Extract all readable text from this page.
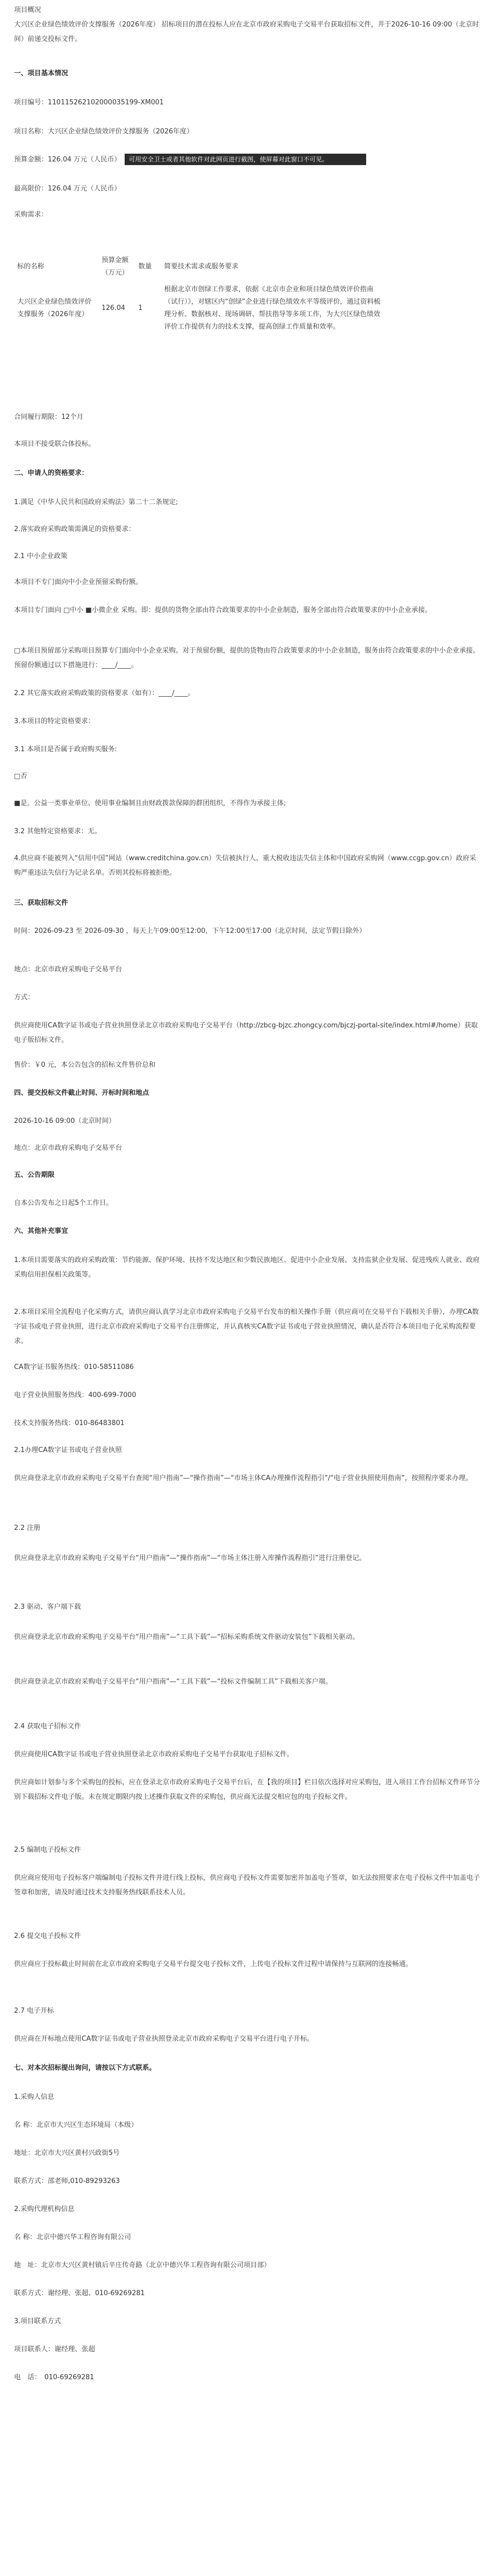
项目概况
大兴区企业绿色绩效评价支撑服务（2026年度） 招标项目的潜在投标人应在北京市政府采购电子交易平台获取招标文件，并于2026-10-16 09:00（北京时间）前递交投标文件。
一、项目基本情况
项目编号：110115262102000035199-XM001
项目名称：大兴区企业绿色绩效评价支撑服务（2026年度）
预算金额：126.04 万元（人民币）	可用安全卫士或者其他软件对此网页进行截图，使屏幕对此窗口不可见。
最高限价：126.04 万元（人民币）
采购需求：
标的名称	预算金额（万元）	数量	简要技术需求或服务要求
大兴区企业绿色绩效评价支撑服务（2026年度）	126.04	1	根据北京市创绿工作要求，依据《北京市企业和项目绿色绩效评价指南（试行）》，对辖区内“创绿”企业进行绿色绩效水平等级评价，通过资料梳理分析、数据核对、现场调研、帮扶指导等多项工作，为大兴区绿色绩效评价工作提供有力的技术支撑，提高创绿工作质量和效率。
合同履行期限：12个月
本项目不接受联合体投标。
二、申请人的资格要求：
1.满足《中华人民共和国政府采购法》第二十二条规定;
2.落实政府采购政策需满足的资格要求：
2.1 中小企业政策
本项目不专门面向中小企业预留采购份额。
本项目专门面向 □中小 ■小微企业 采购。即：提供的货物全部由符合政策要求的中小企业制造，服务全部由符合政策要求的中小企业承接。
□本项目预留部分采购项目预算专门面向中小企业采购。对于预留份额，提供的货物由符合政策要求的中小企业制造，服务由符合政策要求的中小企业承接。预留份额通过以下措施进行：____/____。
2.2 其它落实政府采购政策的资格要求（如有）：____/____。
3.本项目的特定资格要求：
3.1 本项目是否属于政府购买服务:
□否
■是。公益一类事业单位、使用事业编制且由财政拨款保障的群团组织，不得作为承接主体;
3.2 其他特定资格要求：无。
4.供应商不能被列入“信用中国”网站（www.creditchina.gov.cn）失信被执行人、重大税收违法失信主体和中国政府采购网（www.ccgp.gov.cn）政府采购严重违法失信行为记录名单。否则其投标将被拒绝。
三、获取招标文件
时间：2026-09-23 至 2026-09-30 ，每天上午09:00至12:00，下午12:00至17:00（北京时间，法定节假日除外）
地点：北京市政府采购电子交易平台
方式：
供应商使用CA数字证书或电子营业执照登录北京市政府采购电子交易平台（http://zbcg-bjzc.zhongcy.com/bjczj-portal-site/index.html#/home）获取电子版招标文件。
售价：￥0 元，本公告包含的招标文件售价总和
四、提交投标文件截止时间、开标时间和地点
2026-10-16 09:00（北京时间）
地点：北京市政府采购电子交易平台
五、公告期限
自本公告发布之日起5个工作日。
六、其他补充事宜
1.本项目需要落实的政府采购政策：节约能源、保护环境、扶持不发达地区和少数民族地区、促进中小企业发展、支持监狱企业发展、促进残疾人就业、政府采购信用担保相关政策等。
2.本项目采用全流程电子化采购方式，请供应商认真学习北京市政府采购电子交易平台发布的相关操作手册（供应商可在交易平台下载相关手册），办理CA数字证书或电子营业执照，进行北京市政府采购电子交易平台注册绑定，并认真核实CA数字证书或电子营业执照情况，确认是否符合本项目电子化采购流程要求。
CA数字证书服务热线：010-58511086
电子营业执照服务热线：400-699-7000
技术支持服务热线：010-86483801
2.1办理CA数字证书或电子营业执照
供应商登录北京市政府采购电子交易平台查阅“用户指南”—“操作指南”—“市场主体CA办理操作流程指引”/“电子营业执照使用指南”，按照程序要求办理。
2.2 注册
供应商登录北京市政府采购电子交易平台“用户指南”—“操作指南”—“市场主体注册入库操作流程指引”进行注册登记。
2.3 驱动、客户端下载
供应商登录北京市政府采购电子交易平台“用户指南”—“工具下载”—“招标采购系统文件驱动安装包”下载相关驱动。
供应商登录北京市政府采购电子交易平台“用户指南”—“工具下载”—“投标文件编制工具”下载相关客户端。
2.4 获取电子招标文件
供应商使用CA数字证书或电子营业执照登录北京市政府采购电子交易平台获取电子招标文件。
供应商如计划参与多个采购包的投标，应在登录北京市政府采购电子交易平台后，在【我的项目】栏目依次选择对应采购包，进入项目工作台招标文件环节分别下载招标文件电子版。未在规定期限内按上述操作获取文件的采购包，供应商无法提交相应包的电子投标文件。
2.5 编制电子投标文件
供应商应使用电子投标客户端编制电子投标文件并进行线上投标，供应商电子投标文件需要加密并加盖电子签章，如无法按照要求在电子投标文件中加盖电子签章和加密，请及时通过技术支持服务热线联系技术人员。
2.6 提交电子投标文件
供应商应于投标截止时间前在北京市政府采购电子交易平台提交电子投标文件，上传电子投标文件过程中请保持与互联网的连接畅通。
2.7 电子开标
供应商在开标地点使用CA数字证书或电子营业执照登录北京市政府采购电子交易平台进行电子开标。
七、对本次招标提出询问，请按以下方式联系。
1.采购人信息
名 称：北京市大兴区生态环境局（本级）
地址：北京市大兴区黄村兴政街5号
联系方式：邵老师,010-89293263
2.采购代理机构信息
名 称：北京中德兴华工程咨询有限公司
地　址：北京市大兴区黄村镇后辛庄传奇路（北京中德兴华工程咨询有限公司项目部）
联系方式：谢经理、张超、010-69269281
3.项目联系方式
项目联系人：谢经理、张超
电　话：　010-69269281
